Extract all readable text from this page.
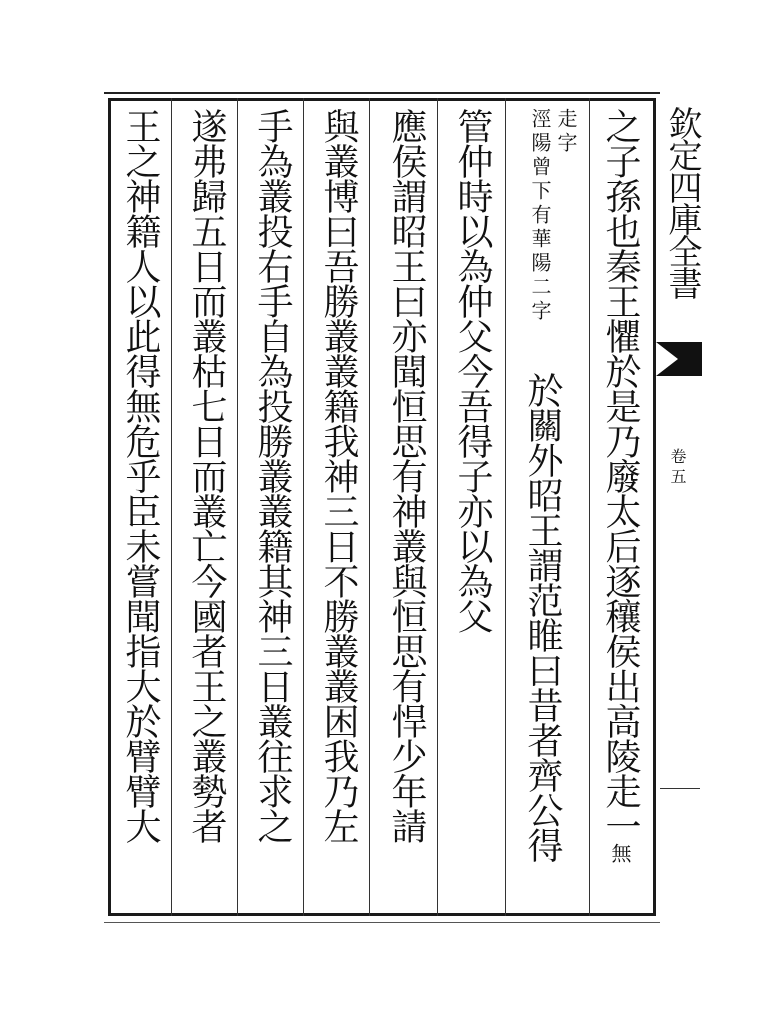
欽定四庫全書
卷五
之子孫也秦王懼於是乃廢太后逐穰侯出高陵走一無
走字
涇陽曾下有華陽二字
於關外昭王謂范睢曰昔者齊公得
管仲時以為仲父今吾得子亦以為父
應侯謂昭王曰亦聞恒思有神叢與恒思有悍少年請
與叢博曰吾勝叢叢籍我神三日不勝叢叢困我乃左
手為叢投右手自為投勝叢叢籍其神三日叢往求之
遂弗歸五日而叢枯七日而叢亡今國者王之叢勢者
王之神籍人以此得無危乎臣未嘗聞指大於臂臂大
